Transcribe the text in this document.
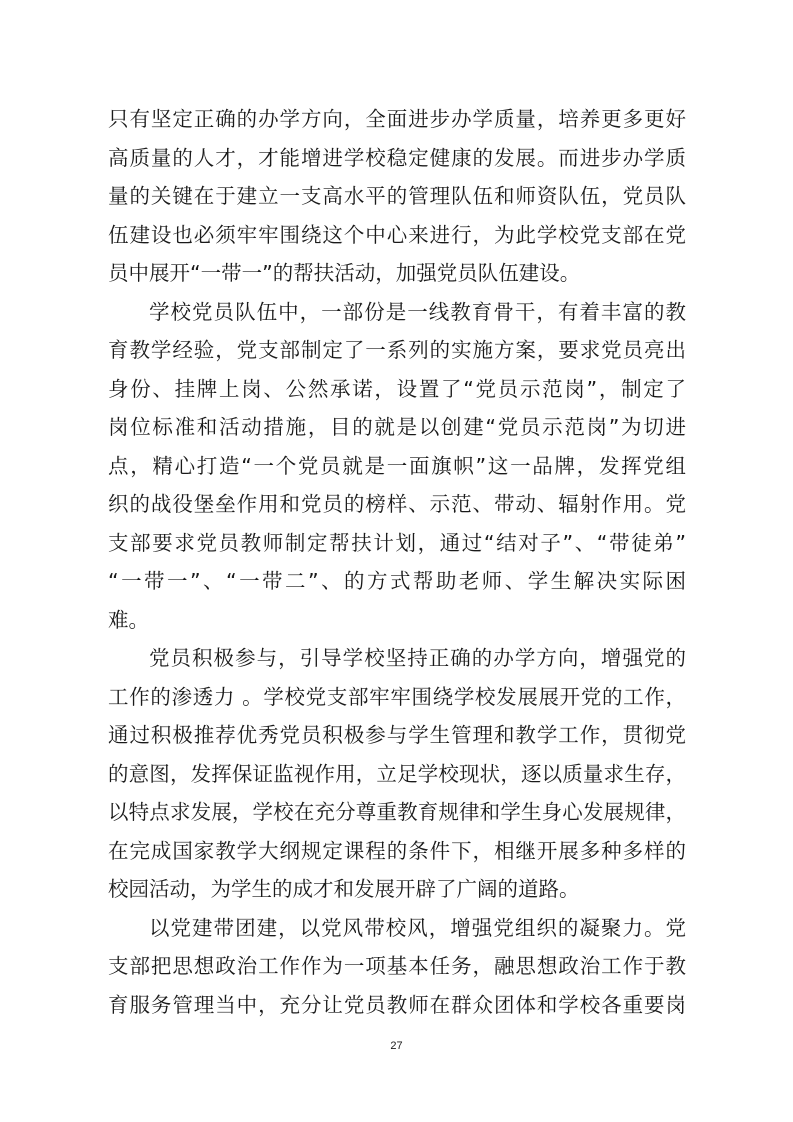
只有坚定正确的办学方向，全面进步办学质量，培养更多更好
高质量的人才，才能增进学校稳定健康的发展。而进步办学质
量的关键在于建立一支高水平的管理队伍和师资队伍，党员队
伍建设也必须牢牢围绕这个中心来进行，为此学校党支部在党
员中展开“一带一”的帮扶活动，加强党员队伍建设。
学校党员队伍中，一部份是一线教育骨干，有着丰富的教
育教学经验，党支部制定了一系列的实施方案，要求党员亮出
身份、挂牌上岗、公然承诺，设置了“党员示范岗”，制定了
岗位标准和活动措施，目的就是以创建“党员示范岗”为切进
点，精心打造“一个党员就是一面旗帜”这一品牌，发挥党组
织的战役堡垒作用和党员的榜样、示范、带动、辐射作用。党
支部要求党员教师制定帮扶计划，通过“结对子”、“带徒弟”
“一带一”、“一带二”、的方式帮助老师、学生解决实际困
难。
党员积极参与，引导学校坚持正确的办学方向，增强党的
工作的渗透力 。学校党支部牢牢围绕学校发展展开党的工作，
通过积极推荐优秀党员积极参与学生管理和教学工作，贯彻党
的意图，发挥保证监视作用，立足学校现状，逐以质量求生存，
以特点求发展，学校在充分尊重教育规律和学生身心发展规律，
在完成国家教学大纲规定课程的条件下，相继开展多种多样的
校园活动，为学生的成才和发展开辟了广阔的道路。
以党建带团建，以党风带校风，增强党组织的凝聚力。党
支部把思想政治工作作为一项基本任务，融思想政治工作于教
育服务管理当中，充分让党员教师在群众团体和学校各重要岗
27
